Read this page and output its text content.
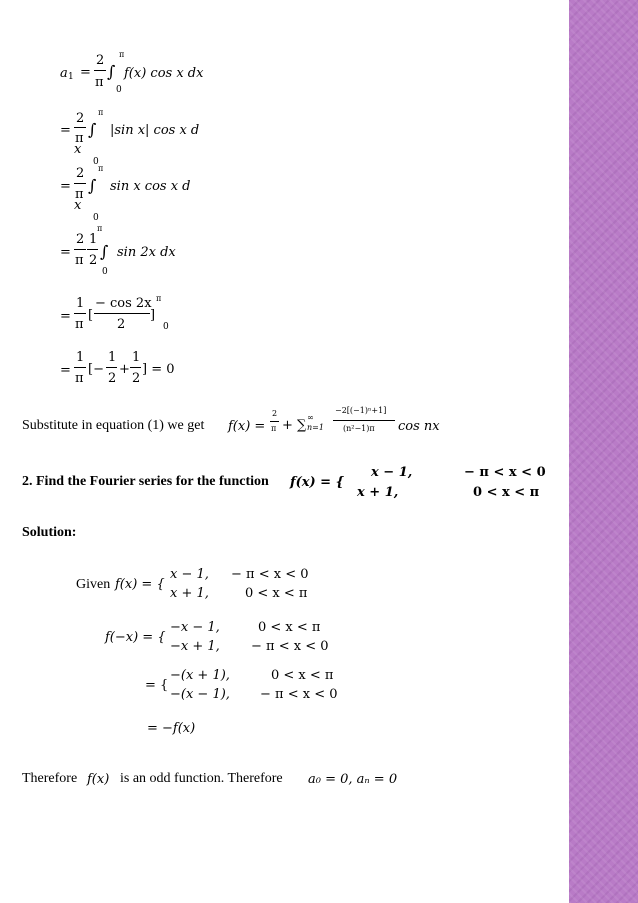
a 1 =
2
π
∫
π
0
f(x) cos x dx
=
2
π ∫
π
|sin x| cos x d
x
0
=
2
π ∫
π
sin x cos x d
x
0
π
=
2
π
1
2 ∫ sin 2x dx
0
=
1
π
[
− cos 2x
2
]
π
0
=
1
π
[−
1
2
+
1
2
] = 0
Substitute in equation (1) we get f(x) =
2
π + ∑
∞
n=1
−2[(−1)ⁿ+1]
(n²−1)π cos nx
2. Find the Fourier series for the function f(x) = {
x − 1,	− π < x < 0
x + 1,	0 < x < π
Solution:
Given f(x) = {
x − 1, − π < x < 0
x + 1,	0 < x < π
f(−x) = {
−x − 1,	0 < x < π
−x + 1, − π < x < 0
= {
−(x + 1),	0 < x < π
−(x − 1), − π < x < 0
= −f(x)
Therefore f(x) is an odd function. Therefore a₀ = 0, aₙ = 0
